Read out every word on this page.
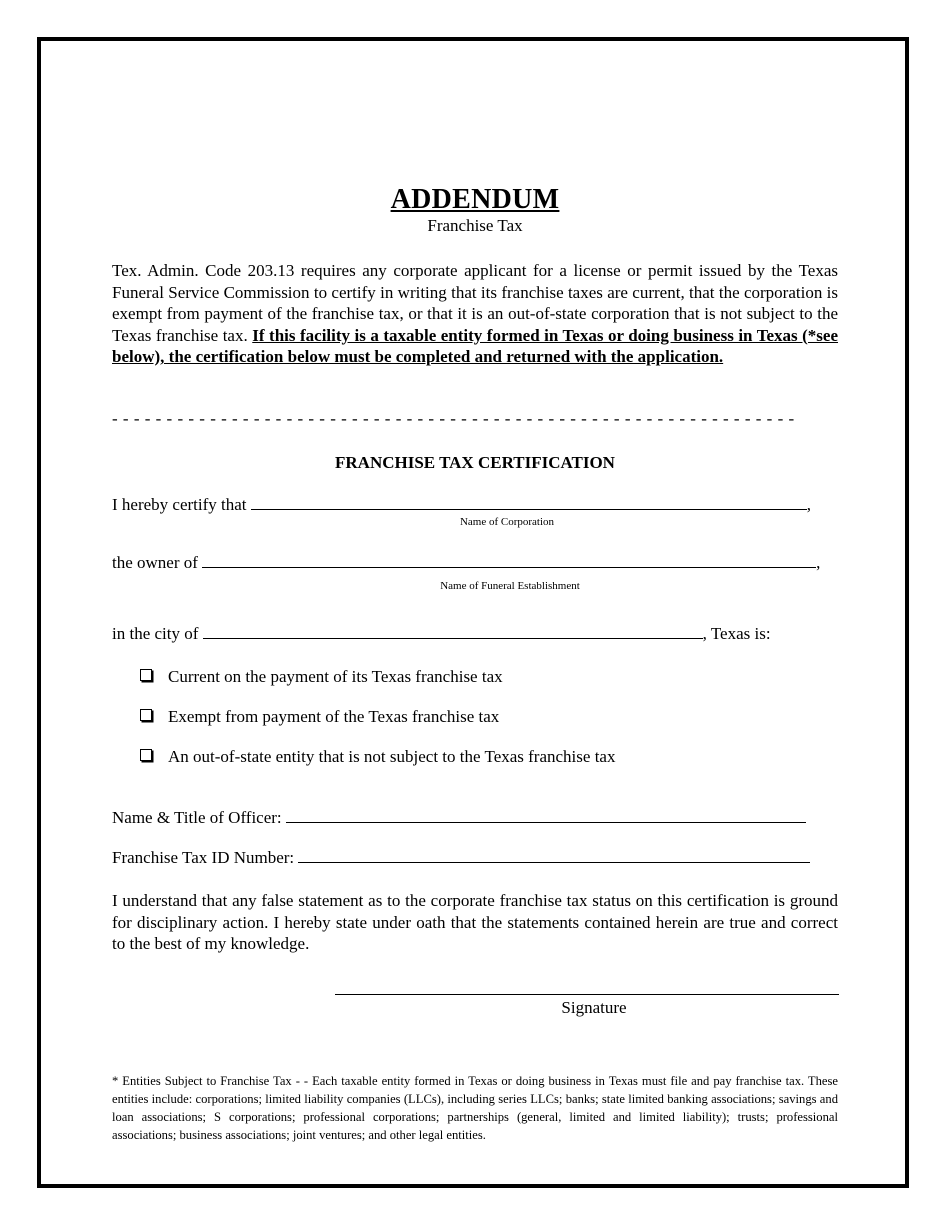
ADDENDUM
Franchise Tax
Tex. Admin. Code 203.13 requires any corporate applicant for a license or permit issued by the Texas Funeral Service Commission to certify in writing that its franchise taxes are current, that the corporation is exempt from payment of the franchise tax, or that it is an out-of-state corporation that is not subject to the Texas franchise tax. If this facility is a taxable entity formed in Texas or doing business in Texas (*see below), the certification below must be completed and returned with the application.
- - - - - - - - - - - - - - - - - - - - - - - - - - - - - - - - - - - - - - - - - - - - - - - - - - - - - - - - - - - - - - -
FRANCHISE TAX CERTIFICATION
I hereby certify that	,
Name of Corporation
the owner of	,
Name of Funeral Establishment
in the city of	, Texas is:
Current on the payment of its Texas franchise tax
Exempt from payment of the Texas franchise tax
An out-of-state entity that is not subject to the Texas franchise tax
Name & Title of Officer:
Franchise Tax ID Number:
I understand that any false statement as to the corporate franchise tax status on this certification is ground for disciplinary action. I hereby state under oath that the statements contained herein are true and correct to the best of my knowledge.
Signature
* Entities Subject to Franchise Tax - - Each taxable entity formed in Texas or doing business in Texas must file and pay franchise tax. These entities include: corporations; limited liability companies (LLCs), including series LLCs; banks; state limited banking associations; savings and loan associations; S corporations; professional corporations; partnerships (general, limited and limited liability); trusts; professional associations; business associations; joint ventures; and other legal entities.
